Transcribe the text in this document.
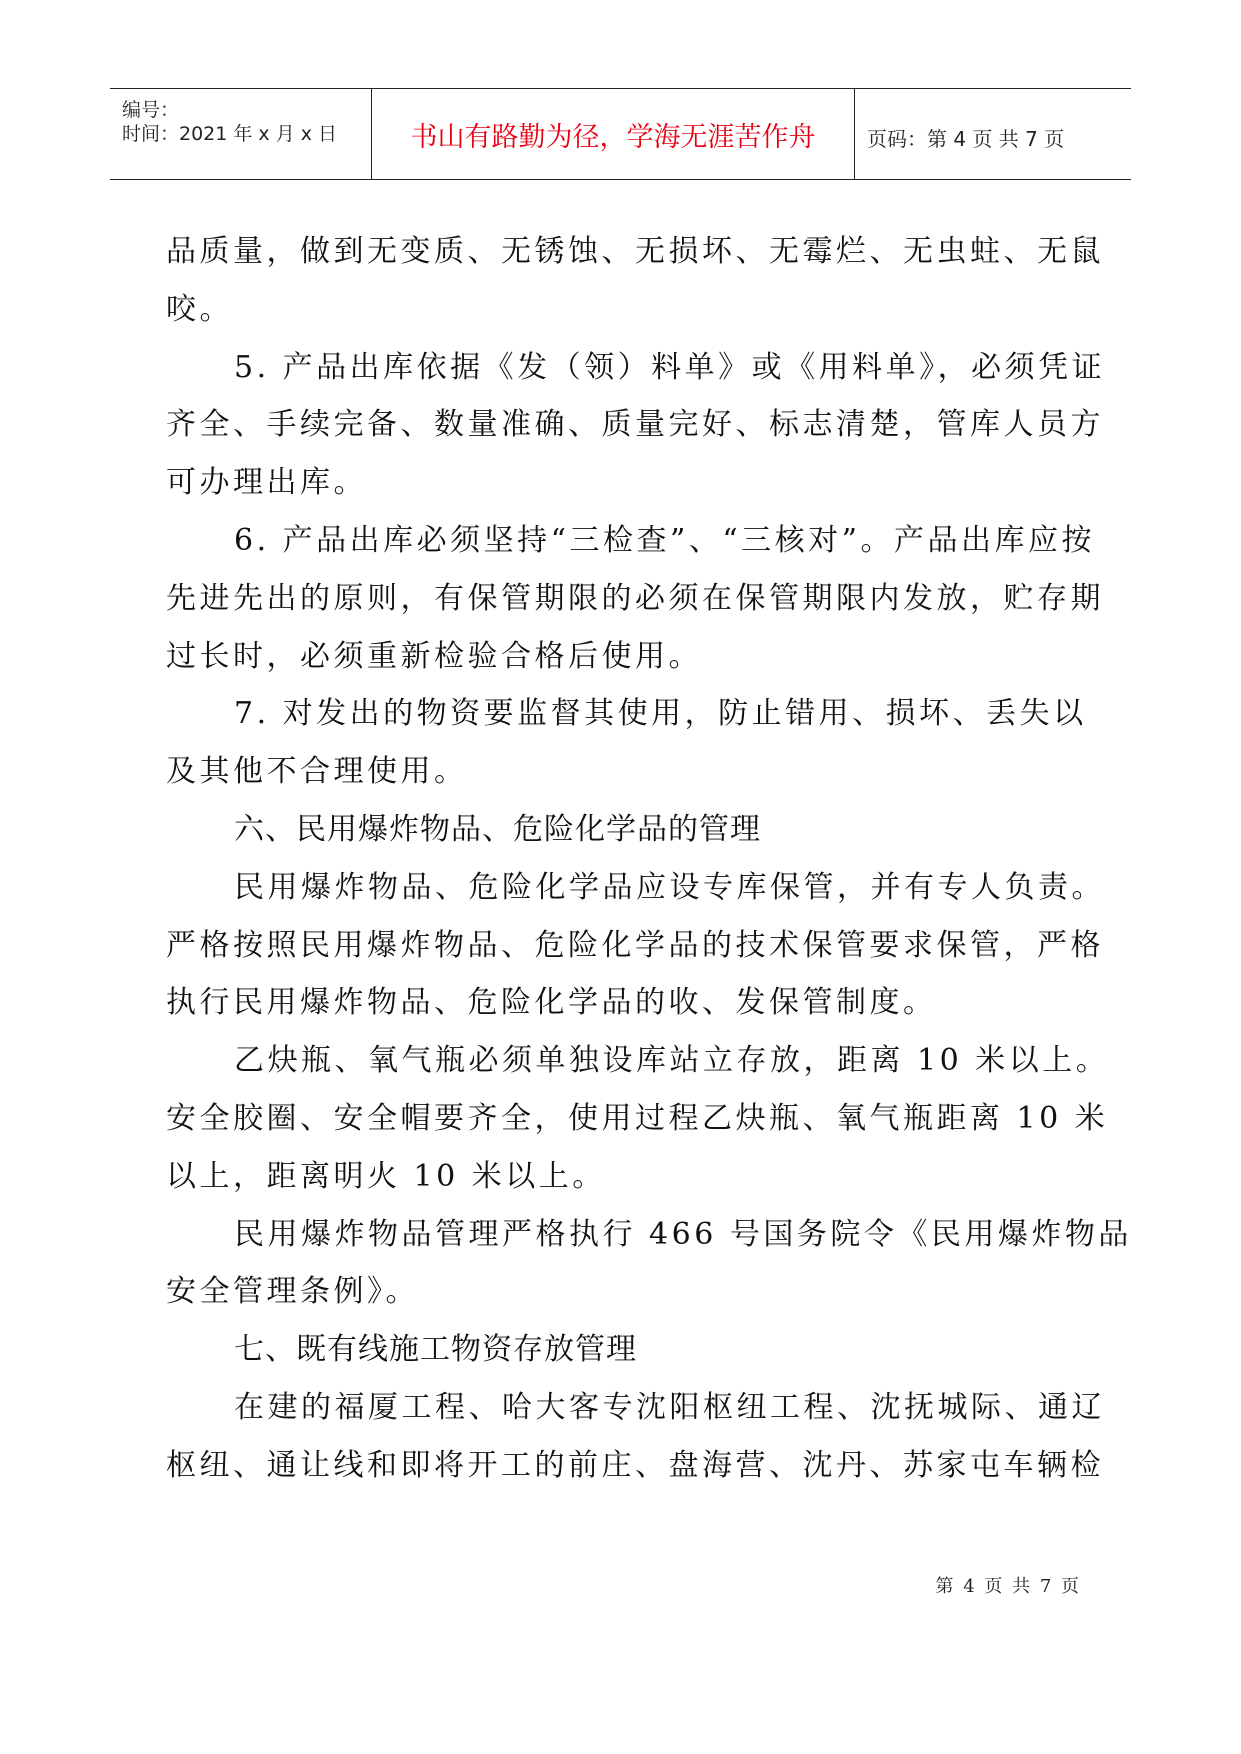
编号：
时间：2021 年 x 月 x 日	书山有路勤为径，学海无涯苦作舟	页码：第 4 页 共 7 页
品质量，做到无变质、无锈蚀、无损坏、无霉烂、无虫蛀、无鼠
咬。
5. 产品出库依据《发（领）料单》或《用料单》，必须凭证
齐全、手续完备、数量准确、质量完好、标志清楚，管库人员方
可办理出库。
6. 产品出库必须坚持“三检查”、“三核对”。产品出库应按
先进先出的原则，有保管期限的必须在保管期限内发放，贮存期
过长时，必须重新检验合格后使用。
7. 对发出的物资要监督其使用，防止错用、损坏、丢失以
及其他不合理使用。
六、民用爆炸物品、危险化学品的管理
民用爆炸物品、危险化学品应设专库保管，并有专人负责。
严格按照民用爆炸物品、危险化学品的技术保管要求保管，严格
执行民用爆炸物品、危险化学品的收、发保管制度。
乙炔瓶、氧气瓶必须单独设库站立存放，距离 10 米以上。
安全胶圈、安全帽要齐全，使用过程乙炔瓶、氧气瓶距离 10 米
以上，距离明火 10 米以上。
民用爆炸物品管理严格执行 466 号国务院令《民用爆炸物品
安全管理条例》。
七、既有线施工物资存放管理
在建的福厦工程、哈大客专沈阳枢纽工程、沈抚城际、通辽
枢纽、通让线和即将开工的前庄、盘海营、沈丹、苏家屯车辆检
第 4 页 共 7 页
